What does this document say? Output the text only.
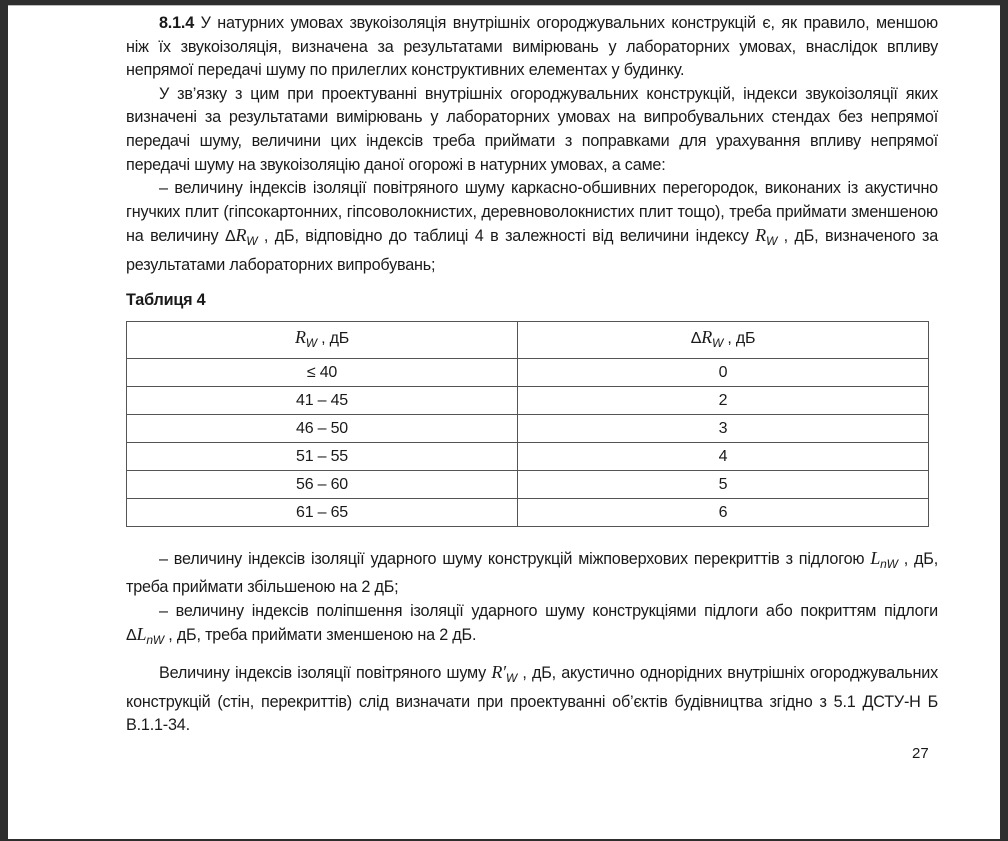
8.1.4 У натурних умовах звукоізоляція внутрішніх огороджувальних конструкцій є, як правило, меншою ніж їх звукоізоляція, визначена за результатами вимірювань у лабораторних умовах, внаслідок впливу непрямої передачі шуму по прилеглих конструктивних елементах у будинку.

У зв’язку з цим при проектуванні внутрішніх огороджувальних конструкцій, індекси звукоізоляції яких визначені за результатами вимірювань у лабораторних умовах на випробувальних стендах без непрямої передачі шуму, величини цих індексів треба приймати з поправками для урахування впливу непрямої передачі шуму на звукоізоляцію даної огорожі в натурних умовах, а саме:

– величину індексів ізоляції повітряного шуму каркасно-обшивних перегородок, виконаних із акустично гнучких плит (гіпсокартонних, гіпсоволокнистих, деревноволокнистих плит тощо), треба приймати зменшеною на величину $\Delta R_W$ , дБ, відповідно до таблиці 4 в залежності від величини індексу $R_W$ , дБ, визначеного за результатами лабораторних випробувань;

Таблиця 4
$R_W$ , дБ	$\Delta R_W$ , дБ
≤ 40	0
41 – 45	2
46 – 50	3
51 – 55	4
56 – 60	5
61 – 65	6

– величину індексів ізоляції ударного шуму конструкцій міжповерхових перекриттів з підлогою $L_{nW}$ , дБ, треба приймати збільшеною на 2 дБ;

– величину індексів поліпшення ізоляції ударного шуму конструкціями підлоги або покриттям підлоги $\Delta L_{nW}$ , дБ, треба приймати зменшеною на 2 дБ.

Величину індексів ізоляції повітряного шуму $R'_W$ , дБ, акустично однорідних внутрішніх огороджувальних конструкцій (стін, перекриттів) слід визначати при проектуванні об’єктів будівництва згідно з 5.1 ДСТУ-Н Б В.1.1-34.

27
